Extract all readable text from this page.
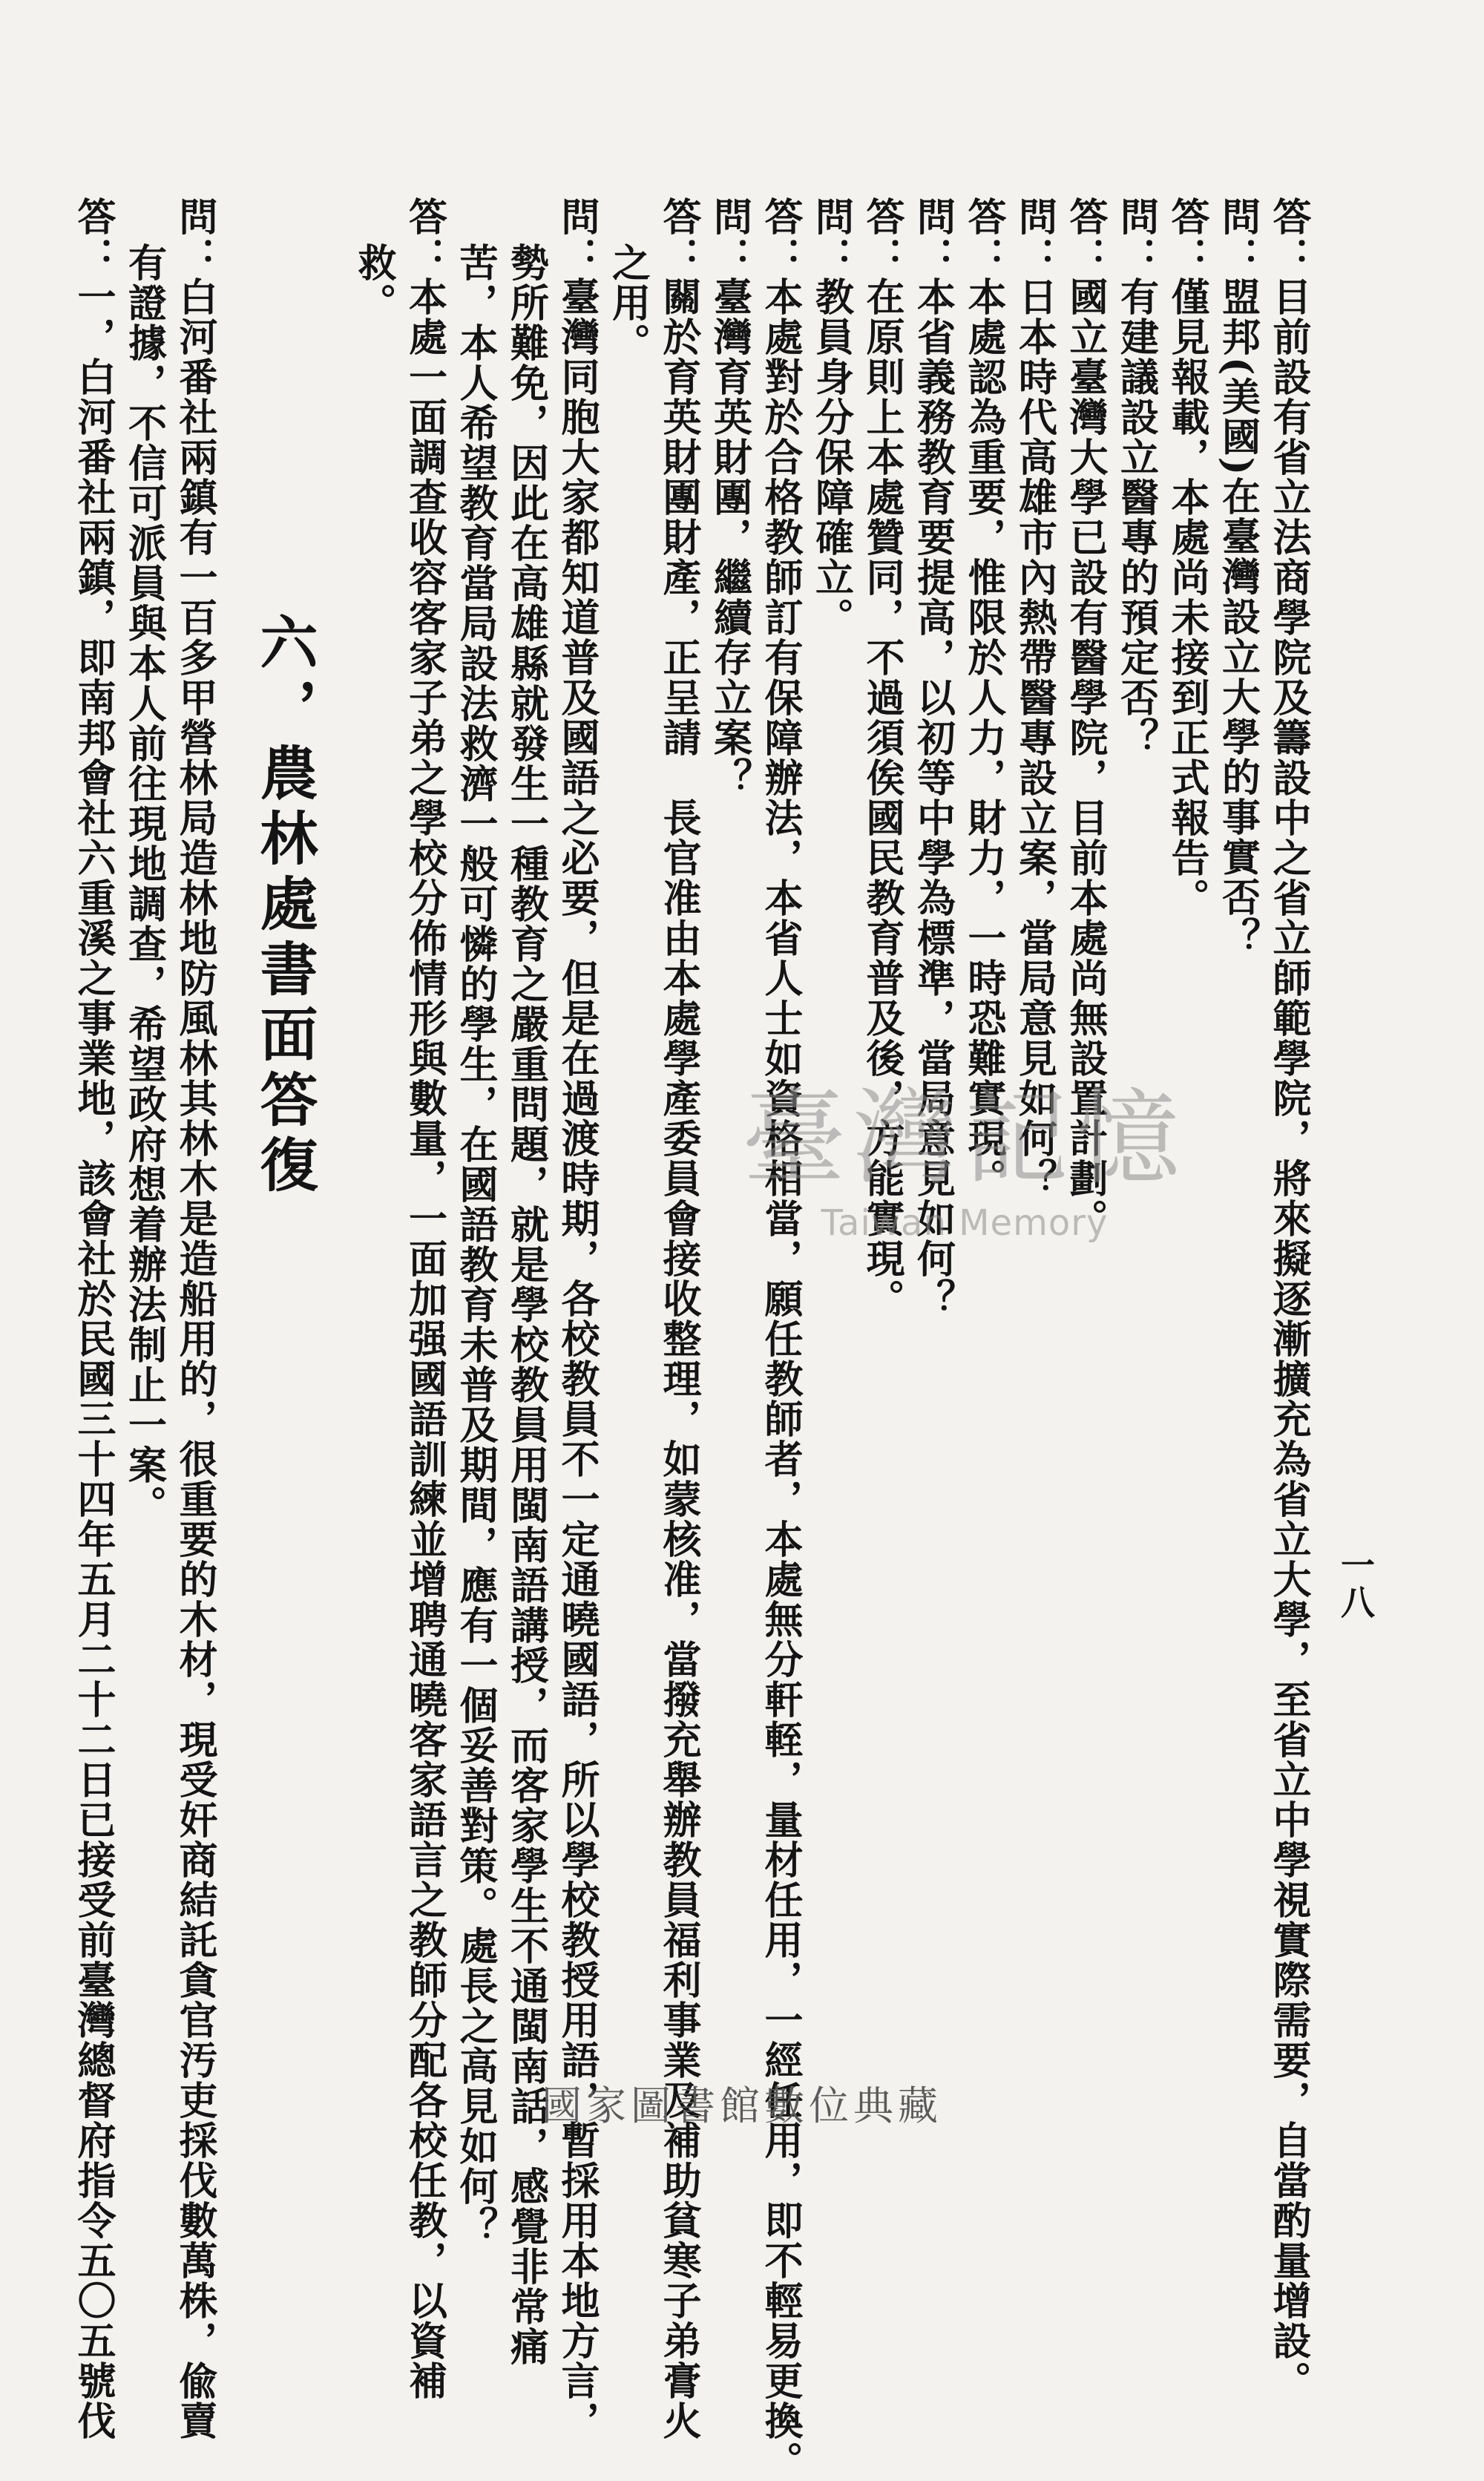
一八
答：目前設有省立法商學院及籌設中之省立師範學院，將來擬逐漸擴充為省立大學，至省立中學視實際需要，自當酌量增設。
問：盟邦(美國)在臺灣設立大學的事實否？
答：僅見報載，本處尚未接到正式報告。
問：有建議設立醫專的預定否？
答：國立臺灣大學已設有醫學院，目前本處尚無設置計劃。
問：日本時代高雄市內熱帶醫專設立案，當局意見如何？
答：本處認為重要，惟限於人力，財力，一時恐難實現。
問：本省義務教育要提高，以初等中學為標準，當局意見如何？
答：在原則上本處贊同，不過須俟國民教育普及後，方能實現。
問：教員身分保障確立。
答：本處對於合格教師訂有保障辦法，本省人士如資格相當，願任教師者，本處無分軒輊，量材任用，一經任用，即不輕易更換。
問：臺灣育英財團，繼續存立案？
答：關於育英財團財產，正呈請　長官准由本處學產委員會接收整理，如蒙核准，當撥充舉辦教員福利事業及補助貧寒子弟膏火
之用。
問：臺灣同胞大家都知道普及國語之必要，但是在過渡時期，各校教員不一定通曉國語，所以學校教授用語，暫採用本地方言，
勢所難免，因此在高雄縣就發生一種教育之嚴重問題，就是學校教員用閩南語講授，而客家學生不通閩南話，感覺非常痛
苦，本人希望教育當局設法救濟一般可憐的學生，在國語教育未普及期間，應有一個妥善對策。處長之高見如何？
答：本處一面調查收容客家子弟之學校分佈情形與數量，一面加强國語訓練並增聘通曉客家語言之教師分配各校任教，以資補
救。
六，農林處書面答復
問：白河番社兩鎮有一百多甲營林局造林地防風林其林木是造船用的，很重要的木材，現受奸商結託貪官汚吏採伐數萬株，偸賣
有證據，不信可派員與本人前往現地調查，希望政府想着辦法制止一案。
答：一，白河番社兩鎮，即南邦會社六重溪之事業地，該會社於民國三十四年五月二十二日已接受前臺灣總督府指令五〇五號伐	臺灣記憶
Taiwan Memory
國家圖書館數位典藏
